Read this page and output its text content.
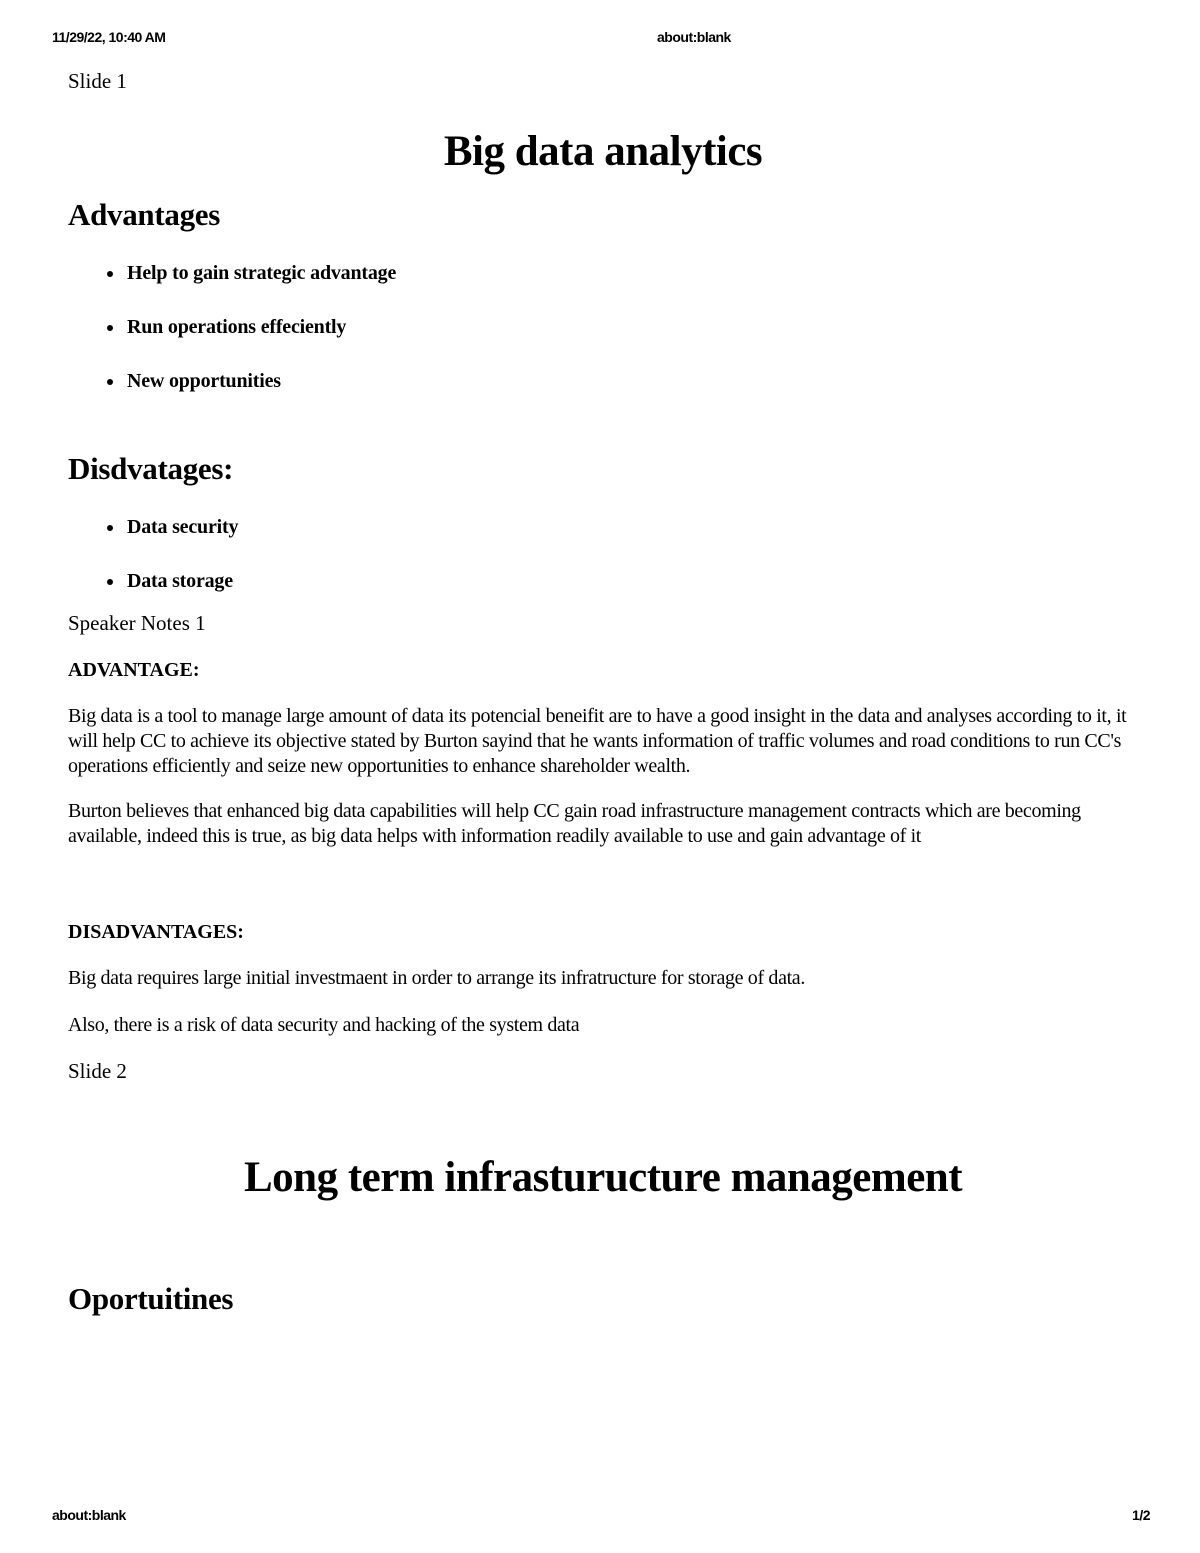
11/29/22, 10:40 AM	about:blank
Slide 1
Big data analytics
Advantages
Help to gain strategic advantage
Run operations effeciently
New opportunities
Disdvatages:
Data security
Data storage
Speaker Notes 1
ADVANTAGE:

Big data is a tool to manage large amount of data its potencial beneifit are to have a good insight in the data and analyses according to it, it will help CC to achieve its objective stated by Burton sayind that he wants information of traffic volumes and road conditions to run CC's operations efficiently and seize new opportunities to enhance shareholder wealth.

Burton believes that enhanced big data capabilities will help CC gain road infrastructure management contracts which are becoming available, indeed this is true, as big data helps with information readily available to use and gain advantage of it

DISADVANTAGES:

Big data requires large initial investmaent in order to arrange its infratructure for storage of data.

Also, there is a risk of data security and hacking of the system data

Slide 2
Long term infrasturucture management
Oportuitines
about:blank	1/2
